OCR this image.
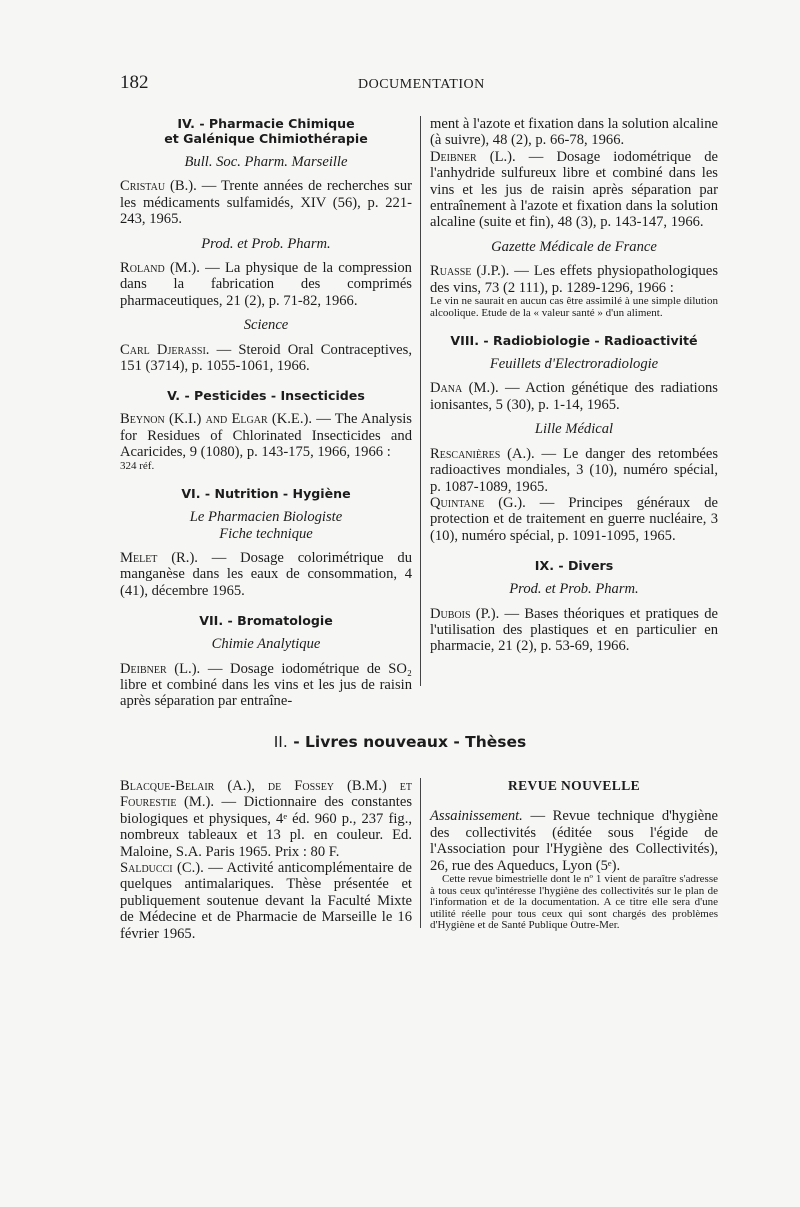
182	DOCUMENTATION
IV. - Pharmacie Chimique
et Galénique Chimiothérapie

Bull. Soc. Pharm. Marseille

Cristau (B.). — Trente années de recherches sur les médicaments sulfamidés, XIV (56), p. 221-243, 1965.

Prod. et Prob. Pharm.

Roland (M.). — La physique de la compression dans la fabrication des comprimés pharmaceutiques, 21 (2), p. 71-82, 1966.

Science

Carl Djerassi. — Steroid Oral Contraceptives, 151 (3714), p. 1055-1061, 1966.

V. - Pesticides - Insecticides

Beynon (K.I.) and Elgar (K.E.). — The Analysis for Residues of Chlorinated Insecticides and Acaricides, 9 (1080), p. 143-175, 1966, 1966 :

324 réf.

VI. - Nutrition - Hygiène

Le Pharmacien Biologiste

Fiche technique

Melet (R.). — Dosage colorimétrique du manganèse dans les eaux de consommation, 4 (41), décembre 1965.

VII. - Bromatologie

Chimie Analytique

Deibner (L.). — Dosage iodométrique de SO₂ libre et combiné dans les vins et les jus de raisin après séparation par entraîne-

ment à l'azote et fixation dans la solution alcaline (à suivre), 48 (2), p. 66-78, 1966.

Deibner (L.). — Dosage iodométrique de l'anhydride sulfureux libre et combiné dans les vins et les jus de raisin après séparation par entraînement à l'azote et fixation dans la solution alcaline (suite et fin), 48 (3), p. 143-147, 1966.

Gazette Médicale de France

Ruasse (J.P.). — Les effets physiopathologiques des vins, 73 (2 111), p. 1289-1296, 1966 :

Le vin ne saurait en aucun cas être assimilé à une simple dilution alcoolique. Etude de la « valeur santé » d'un aliment.

VIII. - Radiobiologie - Radioactivité

Feuillets d'Electroradiologie

Dana (M.). — Action génétique des radiations ionisantes, 5 (30), p. 1-14, 1965.

Lille Médical

Rescanières (A.). — Le danger des retombées radioactives mondiales, 3 (10), numéro spécial, p. 1087-1089, 1965.

Quintane (G.). — Principes généraux de protection et de traitement en guerre nucléaire, 3 (10), numéro spécial, p. 1091-1095, 1965.

IX. - Divers

Prod. et Prob. Pharm.

Dubois (P.). — Bases théoriques et pratiques de l'utilisation des plastiques et en particulier en pharmacie, 21 (2), p. 53-69, 1966.

II. - Livres nouveaux - Thèses

Blacque-Belair (A.), de Fossey (B.M.) et Fourestie (M.). — Dictionnaire des constantes biologiques et physiques, 4ᵉ éd. 960 p., 237 fig., nombreux tableaux et 13 pl. en couleur. Ed. Maloine, S.A. Paris 1965. Prix : 80 F.

Salducci (C.). — Activité anticomplémentaire de quelques antimalariques. Thèse présentée et publiquement soutenue devant la Faculté Mixte de Médecine et de Pharmacie de Marseille le 16 février 1965.

REVUE NOUVELLE

Assainissement. — Revue technique d'hygiène des collectivités (éditée sous l'égide de l'Association pour l'Hygiène des Collectivités), 26, rue des Aqueducs, Lyon (5ᵉ).

Cette revue bimestrielle dont le nº 1 vient de paraître s'adresse à tous ceux qu'intéresse l'hygiène des collectivités sur le plan de l'information et de la documentation. A ce titre elle sera d'une utilité réelle pour tous ceux qui sont chargés des problèmes d'Hygiène et de Santé Publique Outre-Mer.
